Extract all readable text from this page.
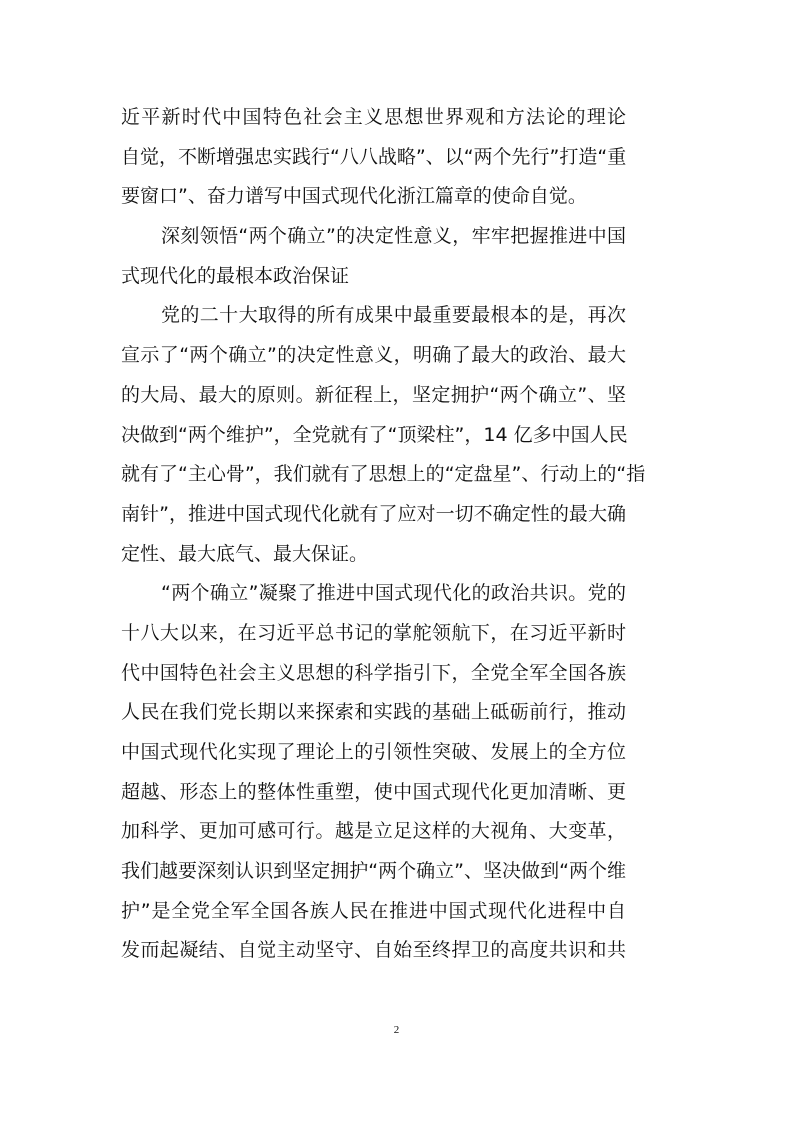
近平新时代中国特色社会主义思想世界观和方法论的理论
自觉，不断增强忠实践行“八八战略”、以“两个先行”打造“重
要窗口”、奋力谱写中国式现代化浙江篇章的使命自觉。
深刻领悟“两个确立”的决定性意义，牢牢把握推进中国
式现代化的最根本政治保证
党的二十大取得的所有成果中最重要最根本的是，再次
宣示了“两个确立”的决定性意义，明确了最大的政治、最大
的大局、最大的原则。新征程上，坚定拥护“两个确立”、坚
决做到“两个维护”，全党就有了“顶梁柱”，14 亿多中国人民
就有了“主心骨”，我们就有了思想上的“定盘星”、行动上的“指
南针”，推进中国式现代化就有了应对一切不确定性的最大确
定性、最大底气、最大保证。
“两个确立”凝聚了推进中国式现代化的政治共识。党的
十八大以来，在习近平总书记的掌舵领航下，在习近平新时
代中国特色社会主义思想的科学指引下，全党全军全国各族
人民在我们党长期以来探索和实践的基础上砥砺前行，推动
中国式现代化实现了理论上的引领性突破、发展上的全方位
超越、形态上的整体性重塑，使中国式现代化更加清晰、更
加科学、更加可感可行。越是立足这样的大视角、大变革，
我们越要深刻认识到坚定拥护“两个确立”、坚决做到“两个维
护”是全党全军全国各族人民在推进中国式现代化进程中自
发而起凝结、自觉主动坚守、自始至终捍卫的高度共识和共
2
